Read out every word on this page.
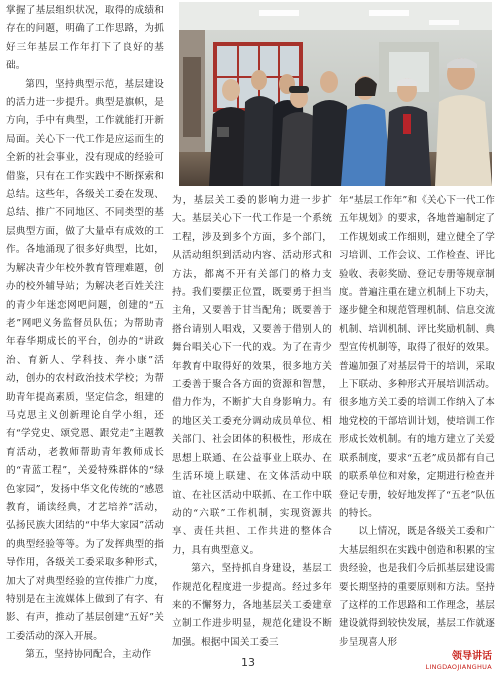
掌握了基层组织状况，取得的成绩和存在的问题，明确了工作思路，为抓好三年基层工作年打下了良好的基础。

第四，坚持典型示范，基层建设的活力进一步提升。典型是旗帜，是方向，手中有典型，工作就能打开新局面。关心下一代工作是应运而生的全新的社会事业，没有现成的经验可借鉴，只有在工作实践中不断探索和总结。这些年，各级关工委在发现、总结、推广不同地区、不同类型的基层典型方面，做了大量卓有成效的工作。各地涌现了很多好典型，比如，为解决青少年校外教育管理难题，创办的校外辅导站；为解决老百姓关注的青少年迷恋网吧问题，创建的“五老”网吧义务监督员队伍；为帮助青年春华期成长的平台，创办的“讲政治、育新人、学科技、奔小康”活动，创办的农村政治技术学校；为帮助青年提高素质，坚定信念，组建的马克思主义创新理论自学小组，还有“学党史、颂党恩、跟党走”主题教育活动，老教师帮助青年教师成长的“青蓝工程”，关爱特殊群体的“绿色家园”，发扬中华文化传统的“感恩教育，诵读经典，才艺培养”活动，弘扬民族大团结的“中华大家园”活动的典型经验等等。为了发挥典型的指导作用，各级关工委采取多种形式，加大了对典型经验的宣传推广力度，特别是在主流媒体上做到了有字、有影、有声，推动了基层创建“五好”关工委活动的深入开展。

第五，坚持协同配合，主动作

为，基层关工委的影响力进一步扩大。基层关心下一代工作是一个系统工程，涉及到多个方面，多个部门，从活动组织到活动内容、活动形式和方法，都离不开有关部门的格力支持。我们要摆正位置，既要勇于担当主角，又要善于甘当配角；既要善于搭台请别人唱戏，又要善于借别人的舞台唱关心下一代的戏。为了在青少年教育中取得好的效果，很多地方关工委善于聚合各方面的资源和智慧，借力作为，不断扩大自身影响力。有的地区关工委充分调动成员单位、相关部门、社会团体的积极性，形成在思想上联通、在公益事业上联办、在生活环境上联建、在文体活动中联谊、在社区活动中联抓、在工作中联动的“六联”工作机制，实现资源共享、责任共担、工作共进的整体合力，具有典型意义。

第六，坚持抓自身建设，基层工作规范化程度进一步提高。经过多年来的不懈努力，各地基层关工委建章立制工作进步明显，规范化建设不断加强。根据中国关工委三

年“基层工作年”和《关心下一代工作五年规划》的要求，各地普遍制定了工作规划或工作细则，建立健全了学习培训、工作会议、工作检查、评比验收、表彰奖励、登记专册等规章制度。普遍注重在建立机制上下功夫，逐步健全和规范管理机制、信息交流机制、培训机制、评比奖励机制、典型宣传机制等，取得了很好的效果。普遍加强了对基层骨干的培训，采取上下联动、多种形式开展培训活动。很多地方关工委的培训工作纳入了本地党校的干部培训计划，使培训工作形成长效机制。有的地方建立了关爱联系制度，要求“五老”成员都有自己的联系单位和对象，定期进行检查并登记专册，较好地发挥了“五老”队伍的特长。

以上情况，既是各级关工委和广大基层组织在实践中创造和积累的宝贵经验，也是我们今后抓基层建设需要长期坚持的重要原则和方法。坚持了这样的工作思路和工作理念，基层建设就得到较快发展，基层工作就逐步呈现喜人形

13	领导讲话
LINGDAOJIANGHUA
